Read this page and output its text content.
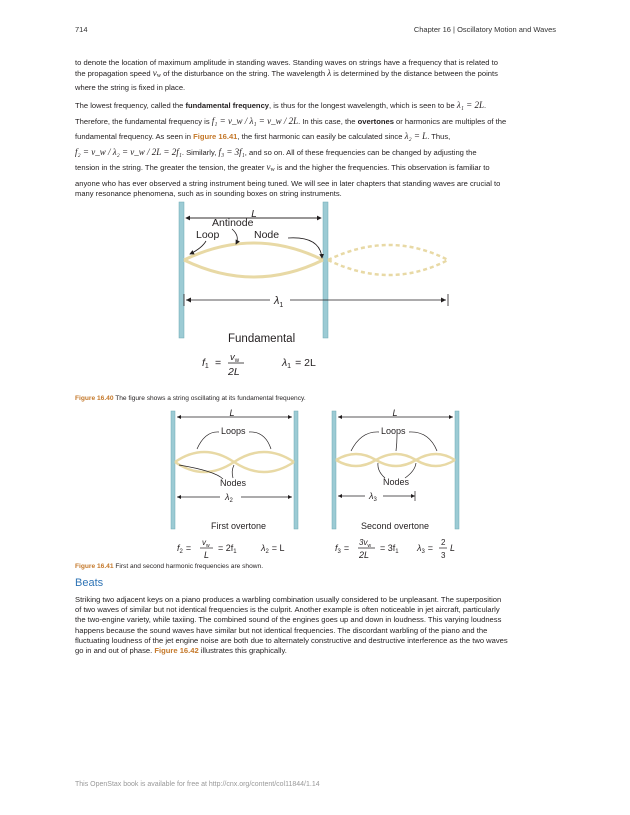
714	Chapter 16 | Oscillatory Motion and Waves
to denote the location of maximum amplitude in standing waves. Standing waves on strings have a frequency that is related to
the propagation speed vw of the disturbance on the string. The wavelength λ is determined by the distance between the points
where the string is fixed in place.
The lowest frequency, called the fundamental frequency, is thus for the longest wavelength, which is seen to be λ₁ = 2L.
Therefore, the fundamental frequency is f₁ = v_w / λ₁ = v_w / 2L. In this case, the overtones or harmonics are multiples of the
fundamental frequency. As seen in Figure 16.41, the first harmonic can easily be calculated since λ₂ = L. Thus,
f₂ = v_w / λ₂ = v_w / 2L = 2f₁. Similarly, f₃ = 3f₁, and so on. All of these frequencies can be changed by adjusting the
tension in the string. The greater the tension, the greater vw is and the higher the frequencies. This observation is familiar to
anyone who has ever observed a string instrument being tuned. We will see in later chapters that standing waves are crucial to
many resonance phenomena, such as in sounding boxes on string instruments.
L
Antinode
Loop	Node
$\lambda_1$
Fundamental
$f1 = v_w$
2L
λ1 = 2L
Figure 16.40 The figure shows a string oscillating at its fundamental frequency.
L
Loops
Nodes
$\lambda_2$
First overtone
$f_2$ =
$v_w$
L
= $2f_1$	$\lambda_2 = L$
L
Loops
Nodes
$\lambda_3$
Second overtone
$f_3$ =
$3v_w$
2L
= $3f_1$ $\lambda_3$ =
2
3
L
Figure 16.41 First and second harmonic frequencies are shown.
Beats
Striking two adjacent keys on a piano produces a warbling combination usually considered to be unpleasant. The superposition
of two waves of similar but not identical frequencies is the culprit. Another example is often noticeable in jet aircraft, particularly
the two-engine variety, while taxiing. The combined sound of the engines goes up and down in loudness. This varying loudness
happens because the sound waves have similar but not identical frequencies. The discordant warbling of the piano and the
fluctuating loudness of the jet engine noise are both due to alternately constructive and destructive interference as the two waves
go in and out of phase. Figure 16.42 illustrates this graphically.
This OpenStax book is available for free at http://cnx.org/content/col11844/1.14
